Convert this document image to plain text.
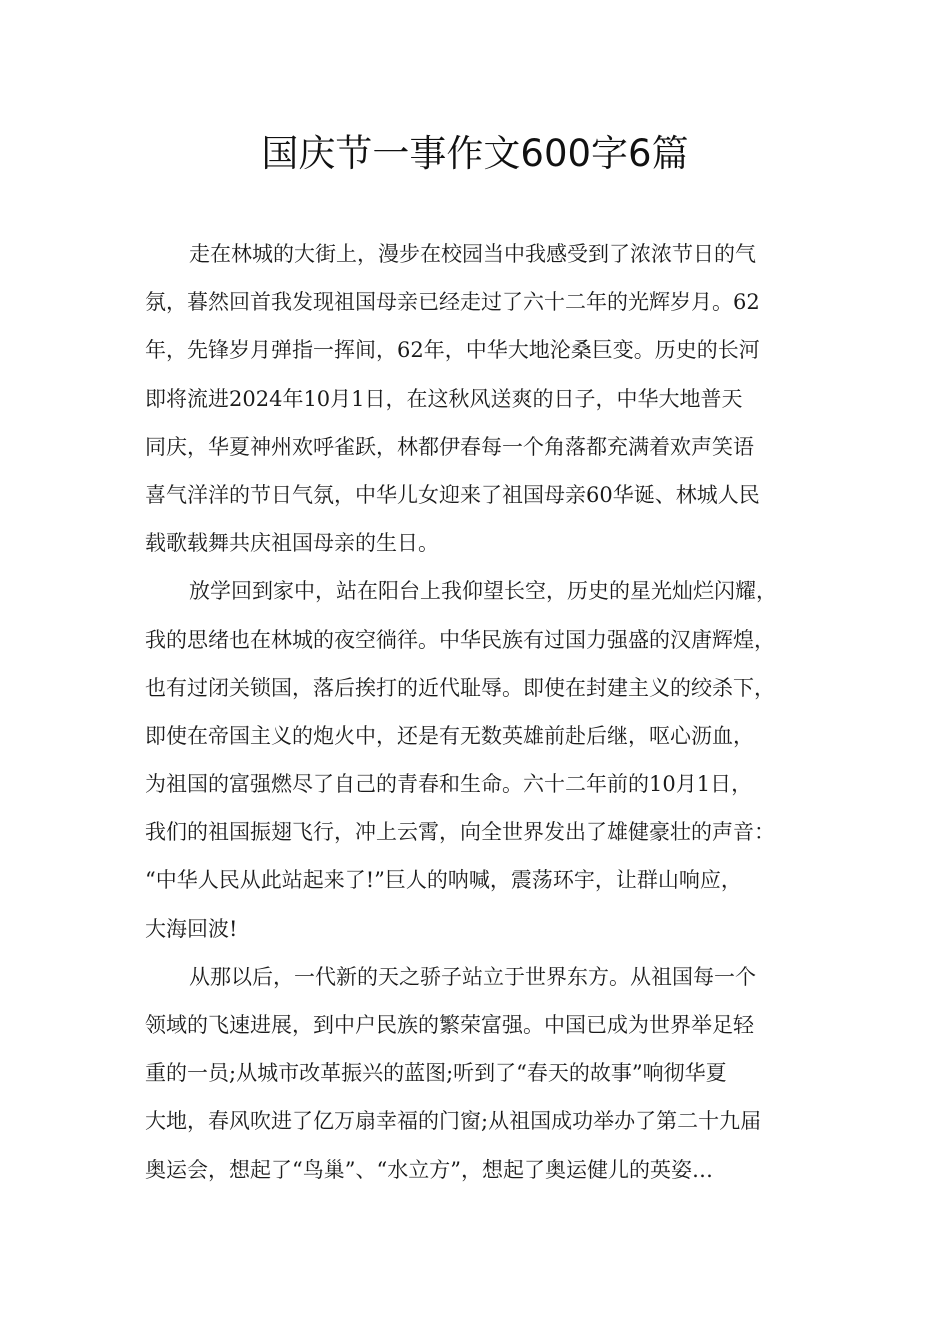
国庆节一事作文600字6篇

走在林城的大街上，漫步在校园当中我感受到了浓浓节日的气

氛，暮然回首我发现祖国母亲已经走过了六十二年的光辉岁月。62

年，先锋岁月弹指一挥间，62年，中华大地沦桑巨变。历史的长河

即将流进2024年10月1日，在这秋风送爽的日子，中华大地普天

同庆，华夏神州欢呼雀跃，林都伊春每一个角落都充满着欢声笑语

喜气洋洋的节日气氛，中华儿女迎来了祖国母亲60华诞、林城人民

载歌载舞共庆祖国母亲的生日。

放学回到家中，站在阳台上我仰望长空，历史的星光灿烂闪耀，

我的思绪也在林城的夜空徜徉。中华民族有过国力强盛的汉唐辉煌，

也有过闭关锁国，落后挨打的近代耻辱。即使在封建主义的绞杀下，

即使在帝国主义的炮火中，还是有无数英雄前赴后继，呕心沥血，

为祖国的富强燃尽了自己的青春和生命。六十二年前的10月1日，

我们的祖国振翅飞行，冲上云霄，向全世界发出了雄健豪壮的声音：

“中华人民从此站起来了!”巨人的呐喊，震荡环宇，让群山响应，

大海回波!

从那以后，一代新的天之骄子站立于世界东方。从祖国每一个

领域的飞速进展，到中户民族的繁荣富强。中国已成为世界举足轻

重的一员;从城市改革振兴的蓝图;听到了“春天的故事”响彻华夏

大地，春风吹进了亿万扇幸福的门窗;从祖国成功举办了第二十九届

奥运会，想起了“鸟巢”、“水立方”，想起了奥运健儿的英姿…
